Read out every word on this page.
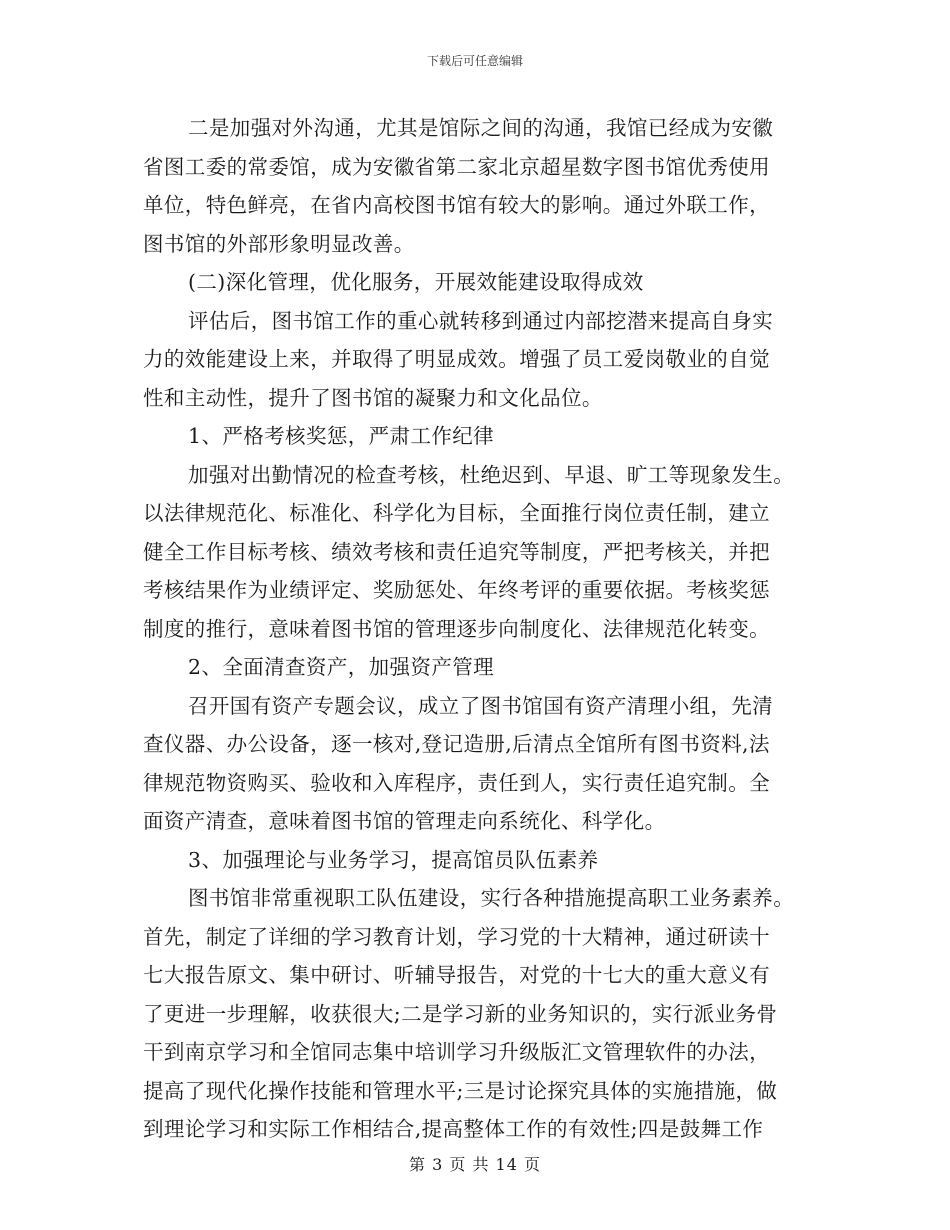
下载后可任意编辑
二是加强对外沟通，尤其是馆际之间的沟通，我馆已经成为安徽
省图工委的常委馆，成为安徽省第二家北京超星数字图书馆优秀使用
单位，特色鲜亮，在省内高校图书馆有较大的影响。通过外联工作，
图书馆的外部形象明显改善。
(二)深化管理，优化服务，开展效能建设取得成效
评估后，图书馆工作的重心就转移到通过内部挖潜来提高自身实
力的效能建设上来，并取得了明显成效。增强了员工爱岗敬业的自觉
性和主动性，提升了图书馆的凝聚力和文化品位。
1、严格考核奖惩，严肃工作纪律
加强对出勤情况的检查考核，杜绝迟到、早退、旷工等现象发生。
以法律规范化、标准化、科学化为目标，全面推行岗位责任制，建立
健全工作目标考核、绩效考核和责任追究等制度，严把考核关，并把
考核结果作为业绩评定、奖励惩处、年终考评的重要依据。考核奖惩
制度的推行，意味着图书馆的管理逐步向制度化、法律规范化转变。
2、全面清查资产，加强资产管理
召开国有资产专题会议，成立了图书馆国有资产清理小组，先清
查仪器、办公设备，逐一核对,登记造册,后清点全馆所有图书资料,法
律规范物资购买、验收和入库程序，责任到人，实行责任追究制。全
面资产清查，意味着图书馆的管理走向系统化、科学化。
3、加强理论与业务学习，提高馆员队伍素养
图书馆非常重视职工队伍建设，实行各种措施提高职工业务素养。
首先，制定了详细的学习教育计划，学习党的十大精神，通过研读十
七大报告原文、集中研讨、听辅导报告，对党的十七大的重大意义有
了更进一步理解，收获很大;二是学习新的业务知识的，实行派业务骨
干到南京学习和全馆同志集中培训学习升级版汇文管理软件的办法，
提高了现代化操作技能和管理水平;三是讨论探究具体的实施措施，做
到理论学习和实际工作相结合,提高整体工作的有效性;四是鼓舞工作
第 3 页 共 14 页
